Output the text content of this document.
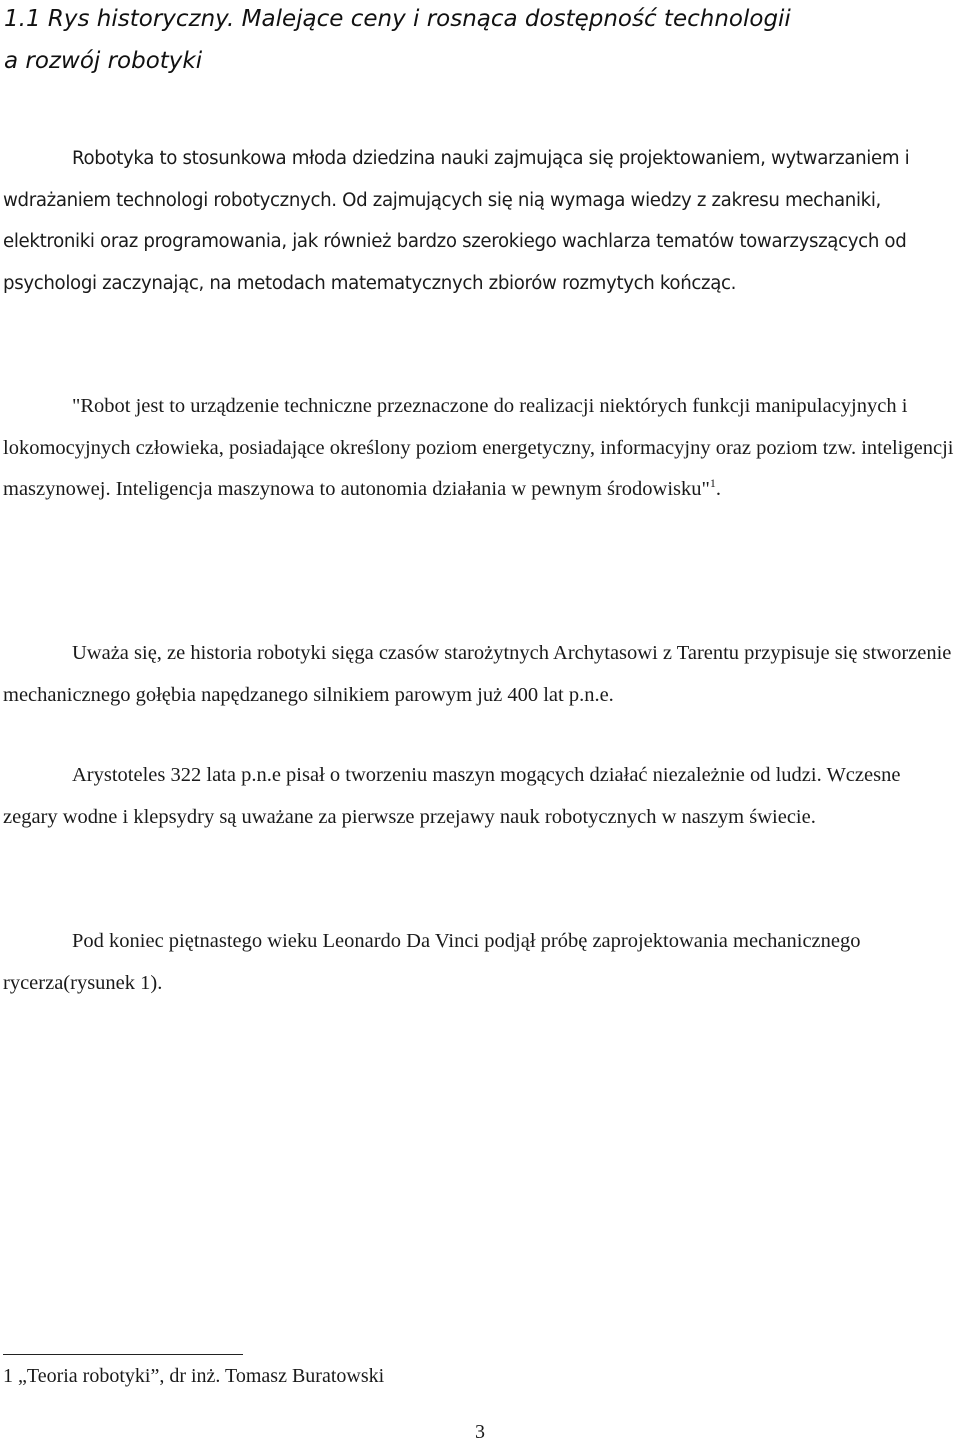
1.1 Rys historyczny. Malejące ceny i rosnąca dostępność technologii
a rozwój robotyki

Robotyka to stosunkowa młoda dziedzina nauki zajmująca się projektowaniem, wytwarzaniem i wdrażaniem technologi robotycznych. Od zajmujących się nią wymaga wiedzy z zakresu mechaniki, elektroniki oraz programowania, jak również bardzo szerokiego wachlarza tematów towarzyszących od psychologi zaczynając, na metodach matematycznych zbiorów rozmytych kończąc.

"Robot jest to urządzenie techniczne przeznaczone do realizacji niektórych funkcji manipulacyjnych i lokomocyjnych człowieka, posiadające określony poziom energetyczny, informacyjny oraz poziom tzw. inteligencji maszynowej. Inteligencja maszynowa to autonomia działania w pewnym środowisku"$^1$.

Uważa się, ze historia robotyki sięga czasów starożytnych Archytasowi z Tarentu przypisuje się stworzenie mechanicznego gołębia napędzanego silnikiem parowym już 400 lat p.n.e.

Arystoteles 322 lata p.n.e pisał o tworzeniu maszyn mogących działać niezależnie od ludzi. Wczesne zegary wodne i klepsydry są uważane za pierwsze przejawy nauk robotycznych w naszym świecie.

Pod koniec piętnastego wieku Leonardo Da Vinci podjął próbę zaprojektowania mechanicznego rycerza(rysunek 1).

1 „Teoria robotyki”, dr inż. Tomasz Buratowski

3
